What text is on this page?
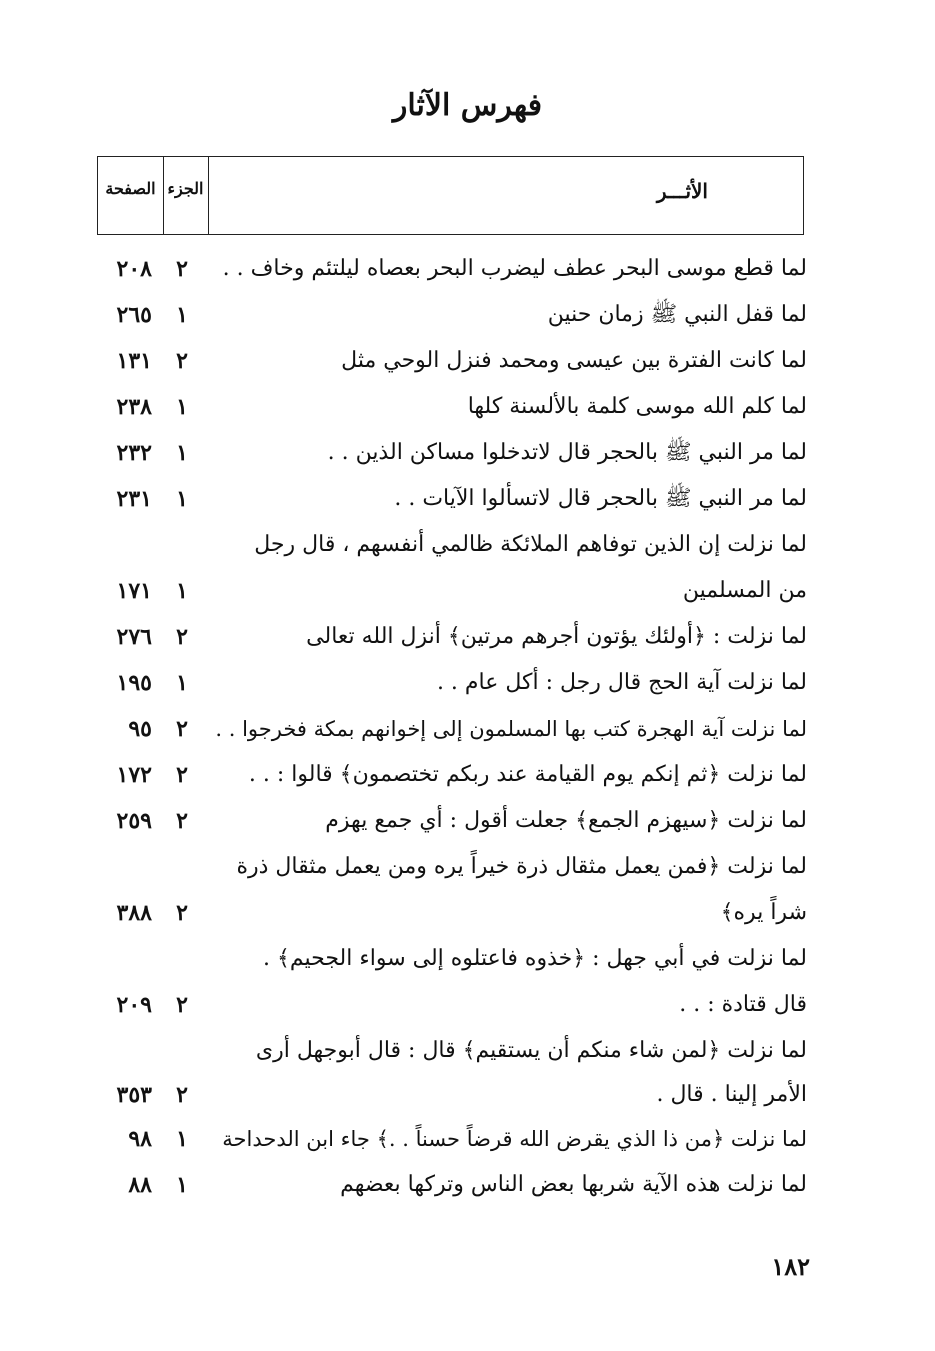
فهرس الآثار
الصفحة الجزء	الأثـــر
لما قطع موسى البحر عطف ليضرب البحر بعصاه ليلتئم وخاف . .
٢
٢٠٨
لما قفل النبي ﷺ زمان حنين
١
٢٦٥
لما كانت الفترة بين عيسى ومحمد فنزل الوحي مثل
٢
١٣١
لما كلم الله موسى كلمة بالألسنة كلها
١
٢٣٨
لما مر النبي ﷺ بالحجر قال لاتدخلوا مساكن الذين . .
١
٢٣٢
لما مر النبي ﷺ بالحجر قال لاتسألوا الآيات . .
١
٢٣١
لما نزلت إن الذين توفاهم الملائكة ظالمي أنفسهم ، قال رجل
من المسلمين
١
١٧١
لما نزلت : ﴿أولئك يؤتون أجرهم مرتين﴾ أنزل الله تعالى
٢
٢٧٦
لما نزلت آية الحج قال رجل : أكل عام . .
١
١٩٥
لما نزلت آية الهجرة كتب بها المسلمون إلى إخوانهم بمكة فخرجوا . .
٢
٩٥
لما نزلت ﴿ثم إنكم يوم القيامة عند ربكم تختصمون﴾ قالوا : . .
٢
١٧٢
لما نزلت ﴿سيهزم الجمع﴾ جعلت أقول : أي جمع يهزم
٢
٢٥٩
لما نزلت ﴿فمن يعمل مثقال ذرة خيراً يره ومن يعمل مثقال ذرة
شراً يره﴾
٢
٣٨٨
لما نزلت في أبي جهل : ﴿خذوه فاعتلوه إلى سواء الجحيم﴾ .
قال قتادة : . .
٢
٢٠٩
لما نزلت ﴿لمن شاء منكم أن يستقيم﴾ قال : قال أبوجهل أرى
الأمر إلينا . قال .
٢
٣٥٣
لما نزلت ﴿من ذا الذي يقرض الله قرضاً حسناً . .﴾ جاء ابن الدحداحة
١
٩٨
لما نزلت هذه الآية شربها بعض الناس وتركها بعضهم
١
٨٨
١٨٢
